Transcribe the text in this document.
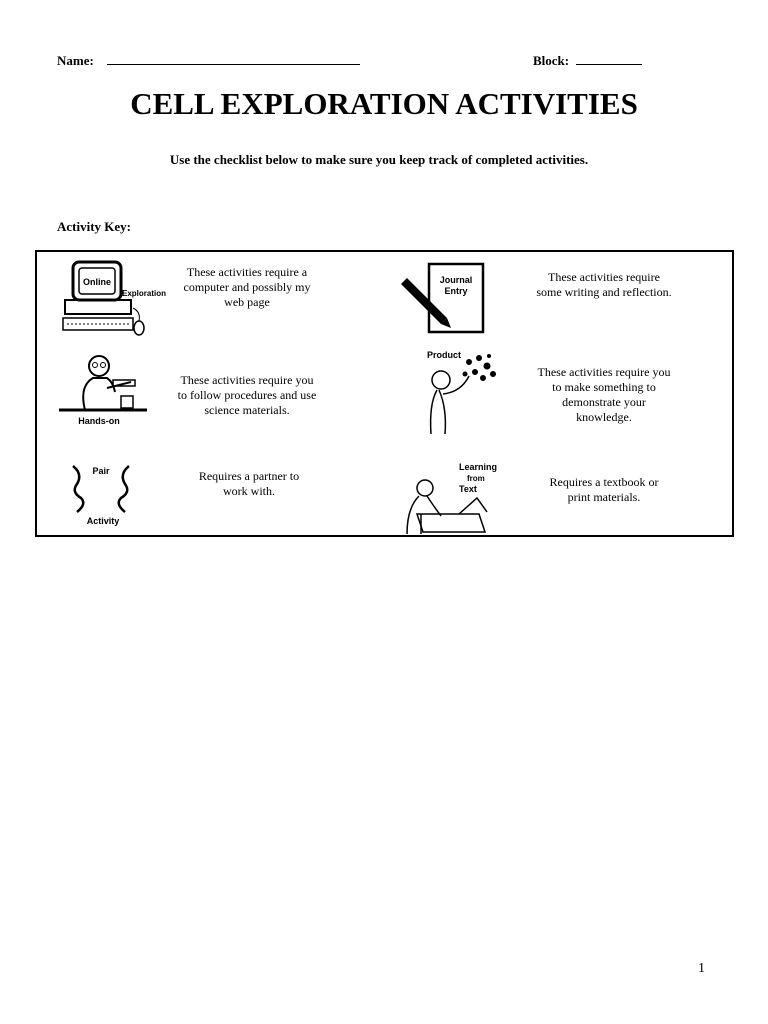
Name:	Block:
CELL EXPLORATION ACTIVITIES
Use the checklist below to make sure you keep track of completed activities.
Activity Key:
Online
Exploration
These activities require a computer and possibly my web page
Journal
Entry
These activities require some writing and reflection.
Hands-on
These activities require you to follow procedures and use science materials.
Product
These activities require you to make something to demonstrate your knowledge.
Pair
Activity
Requires a partner to work with.
Learning
from
Text	Requires a textbook or print materials.
1
